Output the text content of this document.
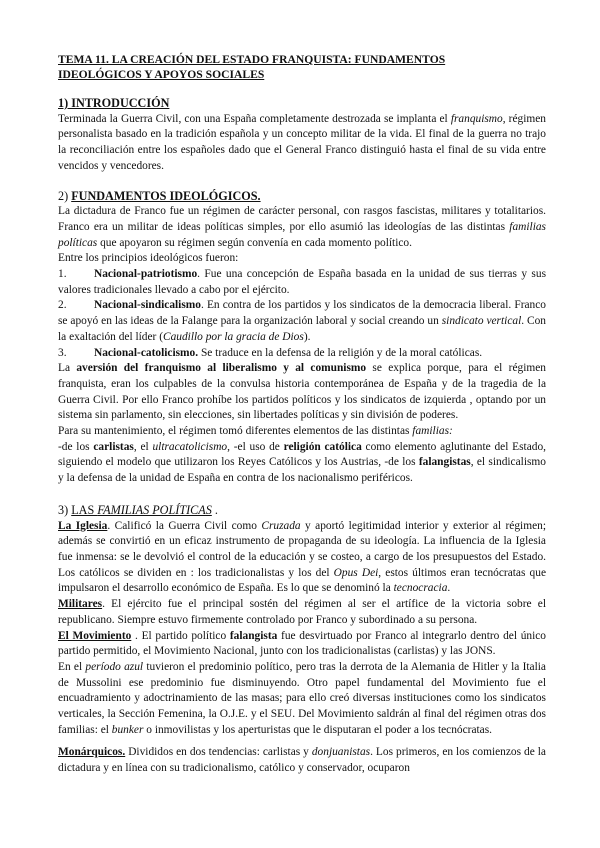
TEMA 11. LA CREACIÓN DEL ESTADO FRANQUISTA: FUNDAMENTOS
IDEOLÓGICOS Y APOYOS SOCIALES

1) INTRODUCCIÓN

Terminada la Guerra Civil, con una España completamente destrozada se implanta el franquismo, régimen personalista basado en la tradición española y un concepto militar de la vida. El final de la guerra no trajo la reconciliación entre los españoles dado que el General Franco distinguió hasta el final de su vida entre vencidos y vencedores.

2) FUNDAMENTOS IDEOLÓGICOS.

La dictadura de Franco fue un régimen de carácter personal, con rasgos fascistas, militares y totalitarios. Franco era un militar de ideas políticas simples, por ello asumió las ideologías de las distintas familias políticas que apoyaron su régimen según convenía en cada momento político.

Entre los principios ideológicos fueron:

1. Nacional-patriotismo. Fue una concepción de España basada en la unidad de sus tierras y sus valores tradicionales llevado a cabo por el ejército.

2. Nacional-sindicalismo. En contra de los partidos y los sindicatos de la democracia liberal. Franco se apoyó en las ideas de la Falange para la organización laboral y social creando un sindicato vertical. Con la exaltación del líder (Caudillo por la gracia de Dios).

3. Nacional-catolicismo. Se traduce en la defensa de la religión y de la moral católicas.

La aversión del franquismo al liberalismo y al comunismo se explica porque, para el régimen franquista, eran los culpables de la convulsa historia contemporánea de España y de la tragedia de la Guerra Civil. Por ello Franco prohíbe los partidos políticos y los sindicatos de izquierda , optando por un sistema sin parlamento, sin elecciones, sin libertades políticas y sin división de poderes.

Para su mantenimiento, el régimen tomó diferentes elementos de las distintas familias:

-de los carlistas, el ultracatolicismo, -el uso de religión católica como elemento aglutinante del Estado, siguiendo el modelo que utilizaron los Reyes Católicos y los Austrias, -de los falangistas, el sindicalismo y la defensa de la unidad de España en contra de los nacionalismo periféricos.

3) LAS FAMILIAS POLÍTICAS .

La Iglesia. Calificó la Guerra Civil como Cruzada y aportó legitimidad interior y exterior al régimen; además se convirtió en un eficaz instrumento de propaganda de su ideología. La influencia de la Iglesia fue inmensa: se le devolvió el control de la educación y se costeo, a cargo de los presupuestos del Estado. Los católicos se dividen en : los tradicionalistas y los del Opus Dei, estos últimos eran tecnócratas que impulsaron el desarrollo económico de España. Es lo que se denominó la tecnocracia.

Militares. El ejército fue el principal sostén del régimen al ser el artífice de la victoria sobre el republicano. Siempre estuvo firmemente controlado por Franco y subordinado a su persona.

El Movimiento . El partido político falangista fue desvirtuado por Franco al integrarlo dentro del único partido permitido, el Movimiento Nacional, junto con los tradicionalistas (carlistas) y las JONS.

En el período azul tuvieron el predominio político, pero tras la derrota de la Alemania de Hitler y la Italia de Mussolini ese predominio fue disminuyendo. Otro papel fundamental del Movimiento fue el encuadramiento y adoctrinamiento de las masas; para ello creó diversas instituciones como los sindicatos verticales, la Sección Femenina, la O.J.E. y el SEU. Del Movimiento saldrán al final del régimen otras dos familias: el bunker o inmovilistas y los aperturistas que le disputaran el poder a los tecnócratas.

Monárquicos. Divididos en dos tendencias: carlistas y donjuanistas. Los primeros, en los comienzos de la dictadura y en línea con su tradicionalismo, católico y conservador, ocuparon
